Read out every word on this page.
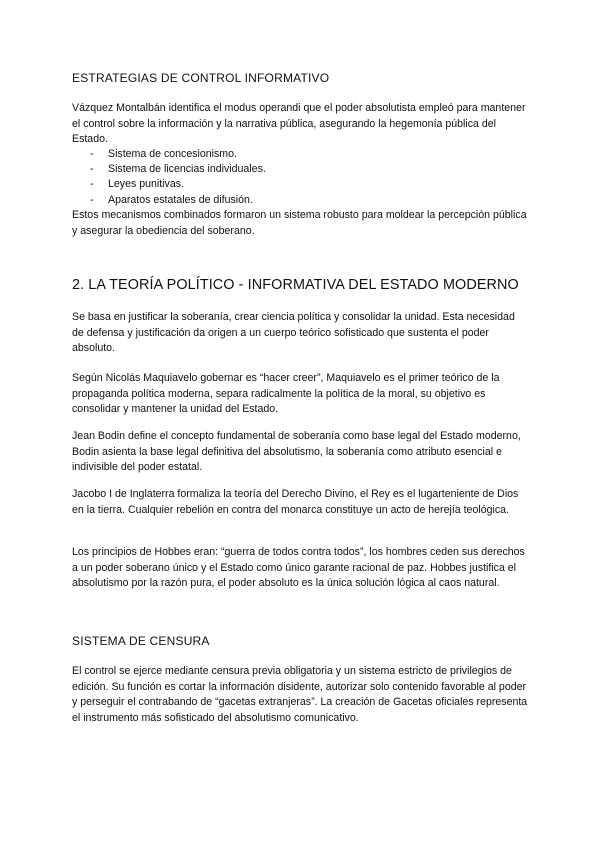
ESTRATEGIAS DE CONTROL INFORMATIVO

Vázquez Montalbán identifica el modus operandi que el poder absolutista empleó para mantener el control sobre la información y la narrativa pública, asegurando la hegemonía pública del Estado.

- Sistema de concesionismo.
- Sistema de licencias individuales.
- Leyes punitivas.
- Aparatos estatales de difusión.

Estos mecanismos combinados formaron un sistema robusto para moldear la percepción pública y asegurar la obediencia del soberano.

2. LA TEORÍA POLÍTICO - INFORMATIVA DEL ESTADO MODERNO

Se basa en justificar la soberanía, crear ciencia política y consolidar la unidad. Esta necesidad de defensa y justificación da origen a un cuerpo teórico sofisticado que sustenta el poder absoluto.

Según Nicolás Maquiavelo gobernar es “hacer creer”, Maquiavelo es el primer teórico de la propaganda política moderna, separa radicalmente la política de la moral, su objetivo es consolidar y mantener la unidad del Estado.

Jean Bodin define el concepto fundamental de soberanía como base legal del Estado moderno, Bodin asienta la base legal definitiva del absolutismo, la soberanía como atributo esencial e indivisible del poder estatal.

Jacobo I de Inglaterra formaliza la teoría del Derecho Divino, el Rey es el lugarteniente de Dios en la tierra. Cualquier rebelión en contra del monarca constituye un acto de herejía teológica.

Los principios de Hobbes eran: “guerra de todos contra todos”, los hombres ceden sus derechos a un poder soberano único y el Estado como único garante racional de paz. Hobbes justifica el absolutismo por la razón pura, el poder absoluto es la única solución lógica al caos natural.

SISTEMA DE CENSURA

El control se ejerce mediante censura previa obligatoria y un sistema estricto de privilegios de edición. Su función es cortar la información disidente, autorizar solo contenido favorable al poder y perseguir el contrabando de “gacetas extranjeras”. La creación de Gacetas oficiales representa el instrumento más sofisticado del absolutismo comunicativo.
